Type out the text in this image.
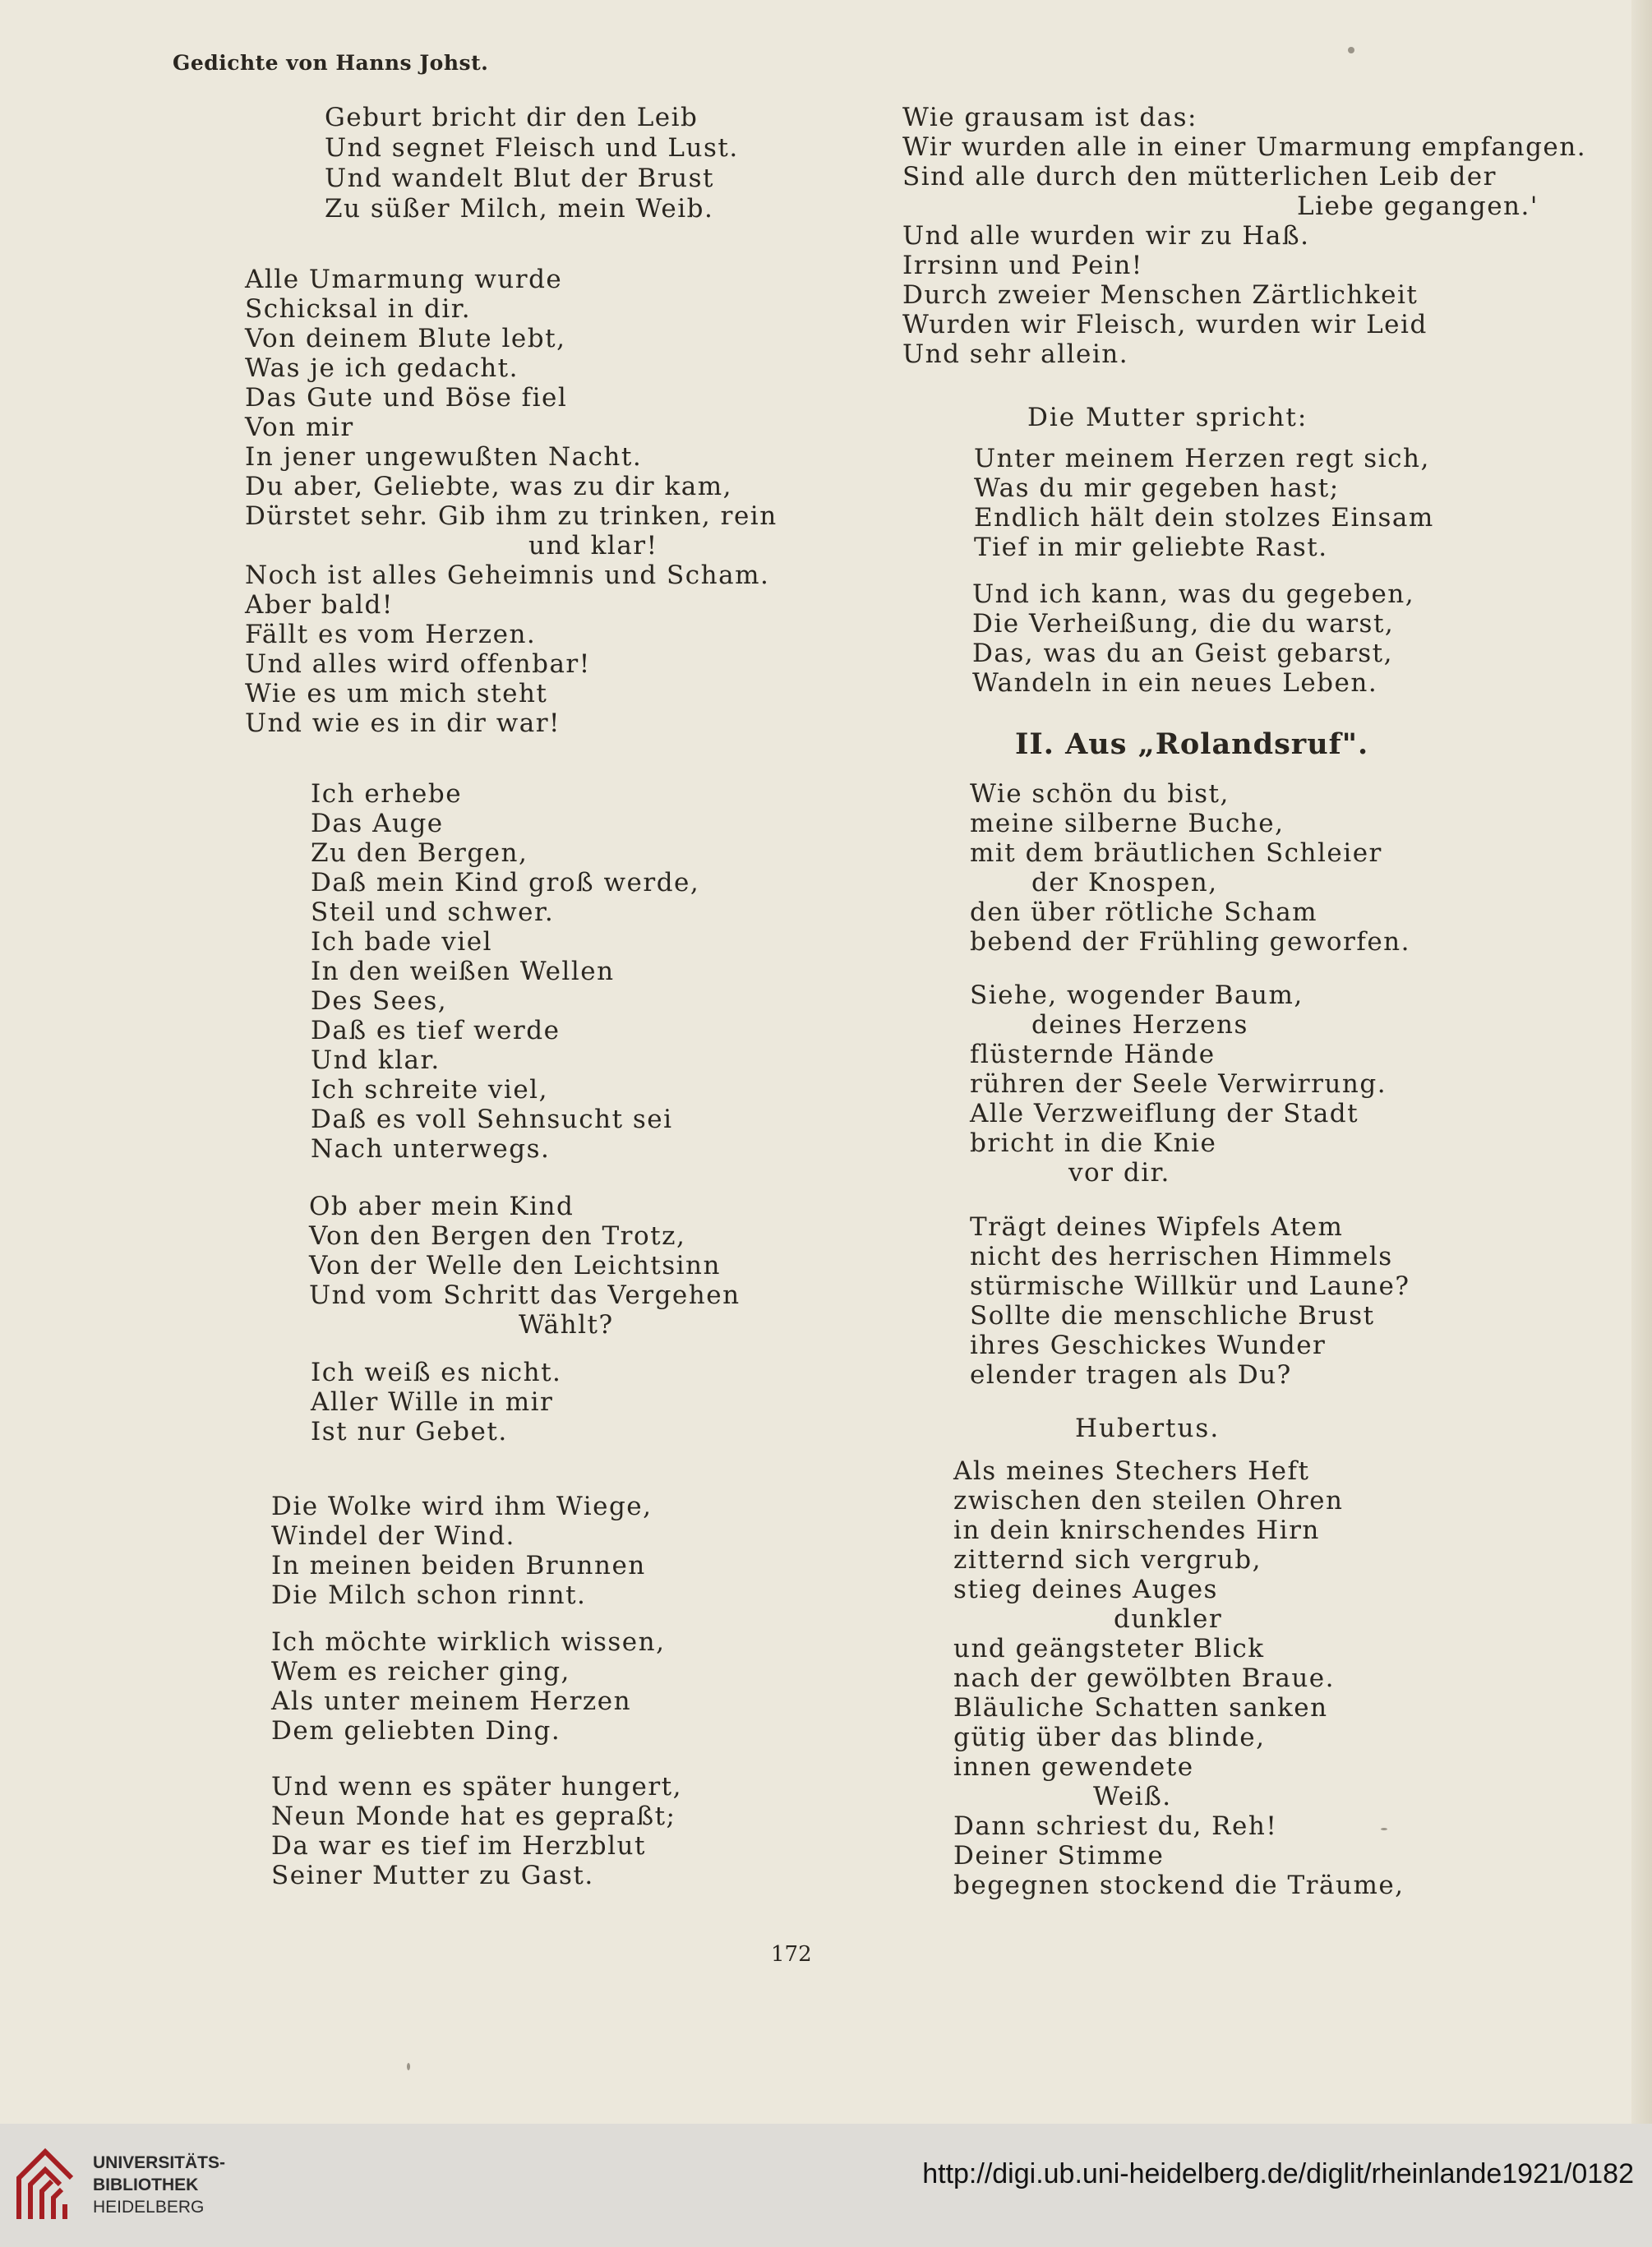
Gedichte von Hanns Johst.

Geburt bricht dir den Leib

Und segnet Fleisch und Lust.

Und wandelt Blut der Brust

Zu süßer Milch, mein Weib.

Alle Umarmung wurde

Schicksal in dir.

Von deinem Blute lebt,

Was je ich gedacht.

Das Gute und Böse fiel

Von mir

In jener ungewußten Nacht.

Du aber, Geliebte, was zu dir kam,

Dürstet sehr. Gib ihm zu trinken, rein

und klar!

Noch ist alles Geheimnis und Scham.

Aber bald!

Fällt es vom Herzen.

Und alles wird offenbar!

Wie es um mich steht

Und wie es in dir war!

Ich erhebe

Das Auge

Zu den Bergen,

Daß mein Kind groß werde,

Steil und schwer.

Ich bade viel

In den weißen Wellen

Des Sees,

Daß es tief werde

Und klar.

Ich schreite viel,

Daß es voll Sehnsucht sei

Nach unterwegs.

Ob aber mein Kind

Von den Bergen den Trotz,

Von der Welle den Leichtsinn

Und vom Schritt das Vergehen

Wählt?

Ich weiß es nicht.

Aller Wille in mir

Ist nur Gebet.

Die Wolke wird ihm Wiege,

Windel der Wind.

In meinen beiden Brunnen

Die Milch schon rinnt.

Ich möchte wirklich wissen,

Wem es reicher ging,

Als unter meinem Herzen

Dem geliebten Ding.

Und wenn es später hungert,

Neun Monde hat es gepraßt;

Da war es tief im Herzblut

Seiner Mutter zu Gast.

Wie grausam ist das:

Wir wurden alle in einer Umarmung empfangen.

Sind alle durch den mütterlichen Leib der

Liebe gegangen.'

Und alle wurden wir zu Haß.

Irrsinn und Pein!

Durch zweier Menschen Zärtlichkeit

Wurden wir Fleisch, wurden wir Leid

Und sehr allein.

Die Mutter spricht:

Unter meinem Herzen regt sich,

Was du mir gegeben hast;

Endlich hält dein stolzes Einsam

Tief in mir geliebte Rast.

Und ich kann, was du gegeben,

Die Verheißung, die du warst,

Das, was du an Geist gebarst,

Wandeln in ein neues Leben.

II. Aus „Rolandsruf".

Wie schön du bist,

meine silberne Buche,

mit dem bräutlichen Schleier

der Knospen,

den über rötliche Scham

bebend der Frühling geworfen.

Siehe, wogender Baum,

deines Herzens

flüsternde Hände

rühren der Seele Verwirrung.

Alle Verzweiflung der Stadt

bricht in die Knie

vor dir.

Trägt deines Wipfels Atem

nicht des herrischen Himmels

stürmische Willkür und Laune?

Sollte die menschliche Brust

ihres Geschickes Wunder

elender tragen als Du?

Hubertus.

Als meines Stechers Heft

zwischen den steilen Ohren

in dein knirschendes Hirn

zitternd sich vergrub,

stieg deines Auges

dunkler

und geängsteter Blick

nach der gewölbten Braue.

Bläuliche Schatten sanken

gütig über das blinde,

innen gewendete

Weiß.

Dann schriest du, Reh!

Deiner Stimme

begegnen stockend die Träume,

172
UNIVERSITÄTS-
BIBLIOTHEK
HEIDELBERG
http://digi.ub.uni-heidelberg.de/diglit/rheinlande1921/0182
